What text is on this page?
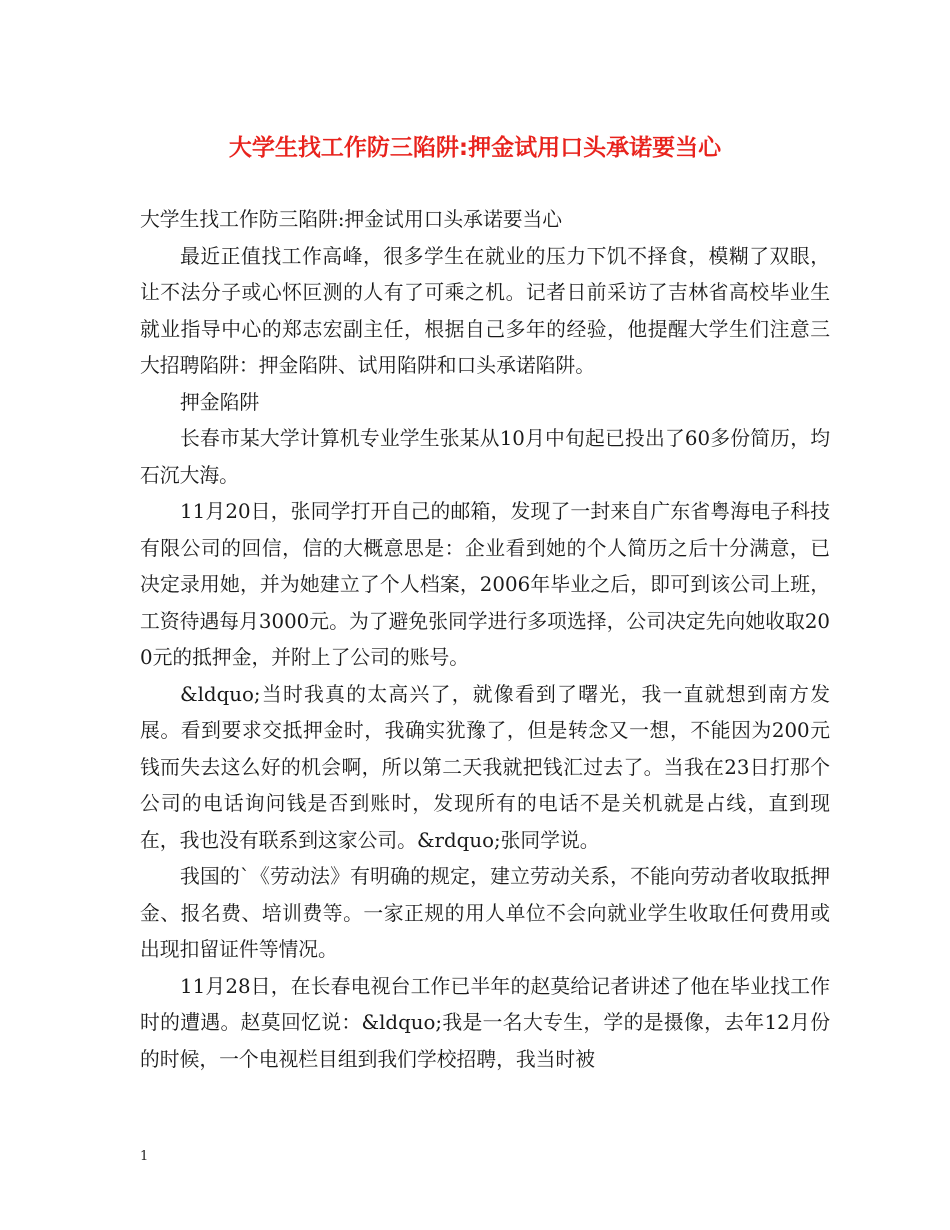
大学生找工作防三陷阱:押金试用口头承诺要当心

大学生找工作防三陷阱:押金试用口头承诺要当心

最近正值找工作高峰，很多学生在就业的压力下饥不择食，模糊了双眼，让不法分子或心怀叵测的人有了可乘之机。记者日前采访了吉林省高校毕业生就业指导中心的郑志宏副主任，根据自己多年的经验，他提醒大学生们注意三大招聘陷阱：押金陷阱、试用陷阱和口头承诺陷阱。

押金陷阱

长春市某大学计算机专业学生张某从10月中旬起已投出了60多份简历，均石沉大海。

11月20日，张同学打开自己的邮箱，发现了一封来自广东省粤海电子科技有限公司的回信，信的大概意思是：企业看到她的个人简历之后十分满意，已决定录用她，并为她建立了个人档案，2006年毕业之后，即可到该公司上班，工资待遇每月3000元。为了避免张同学进行多项选择，公司决定先向她收取200元的抵押金，并附上了公司的账号。

&ldquo;当时我真的太高兴了，就像看到了曙光，我一直就想到南方发展。看到要求交抵押金时，我确实犹豫了，但是转念又一想，不能因为200元钱而失去这么好的机会啊，所以第二天我就把钱汇过去了。当我在23日打那个公司的电话询问钱是否到账时，发现所有的电话不是关机就是占线，直到现在，我也没有联系到这家公司。&rdquo;张同学说。

我国的`《劳动法》有明确的规定，建立劳动关系，不能向劳动者收取抵押金、报名费、培训费等。一家正规的用人单位不会向就业学生收取任何费用或出现扣留证件等情况。

11月28日，在长春电视台工作已半年的赵莫给记者讲述了他在毕业找工作时的遭遇。赵莫回忆说：&ldquo;我是一名大专生，学的是摄像，去年12月份的时候，一个电视栏目组到我们学校招聘，我当时被

1
